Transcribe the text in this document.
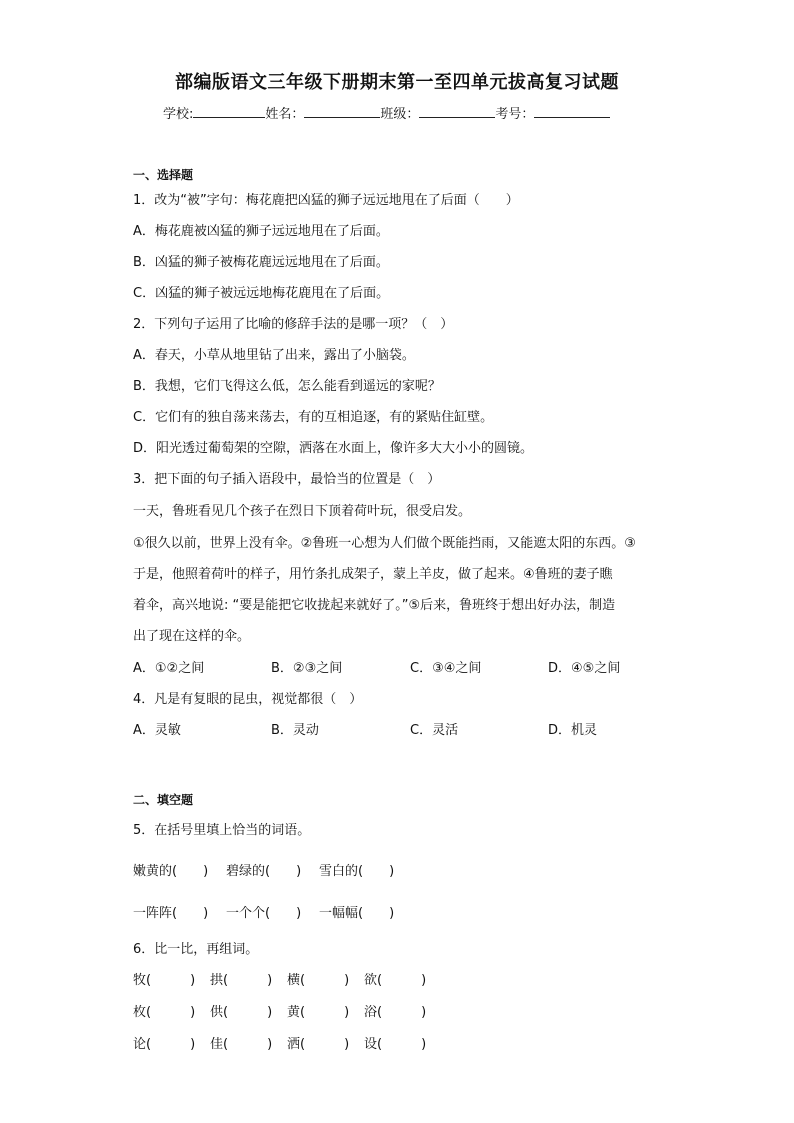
部编版语文三年级下册期末第一至四单元拔高复习试题
学校:	姓名：	班级：	考号：
一、选择题
1．改为“被”字句：梅花鹿把凶猛的狮子远远地甩在了后面（　　）
A．梅花鹿被凶猛的狮子远远地甩在了后面。
B．凶猛的狮子被梅花鹿远远地甩在了后面。
C．凶猛的狮子被远远地梅花鹿甩在了后面。
2．下列句子运用了比喻的修辞手法的是哪一项？（　）
A．春天，小草从地里钻了出来，露出了小脑袋。
B．我想，它们飞得这么低，怎么能看到遥远的家呢？
C．它们有的独自荡来荡去，有的互相追逐，有的紧贴住缸壁。
D．阳光透过葡萄架的空隙，洒落在水面上，像许多大大小小的圆镜。
3．把下面的句子插入语段中，最恰当的位置是（　）
一天，鲁班看见几个孩子在烈日下顶着荷叶玩，很受启发。
①很久以前，世界上没有伞。②鲁班一心想为人们做个既能挡雨，又能遮太阳的东西。③
于是，他照着荷叶的样子，用竹条扎成架子，蒙上羊皮，做了起来。④鲁班的妻子瞧
着伞，高兴地说: “要是能把它收拢起来就好了。”⑤后来，鲁班终于想出好办法，制造
出了现在这样的伞。
A．①②之间	B．②③之间	C．③④之间	D．④⑤之间
4．凡是有复眼的昆虫，视觉都很（　）
A．灵敏	B．灵动	C．灵活	D．机灵
二、填空题
5．在括号里填上恰当的词语。
嫩黄的(　　) 碧绿的(　　) 雪白的(　　)
一阵阵(　　) 一个个(　　) 一幅幅(　　)
6．比一比，再组词。
牧(　　　) 拱(　　　) 横(　　　) 欲(　　　)
枚(　　　) 供(　　　) 黄(　　　) 浴(　　　)
论(　　　) 佳(　　　) 洒(　　　) 设(　　　)
